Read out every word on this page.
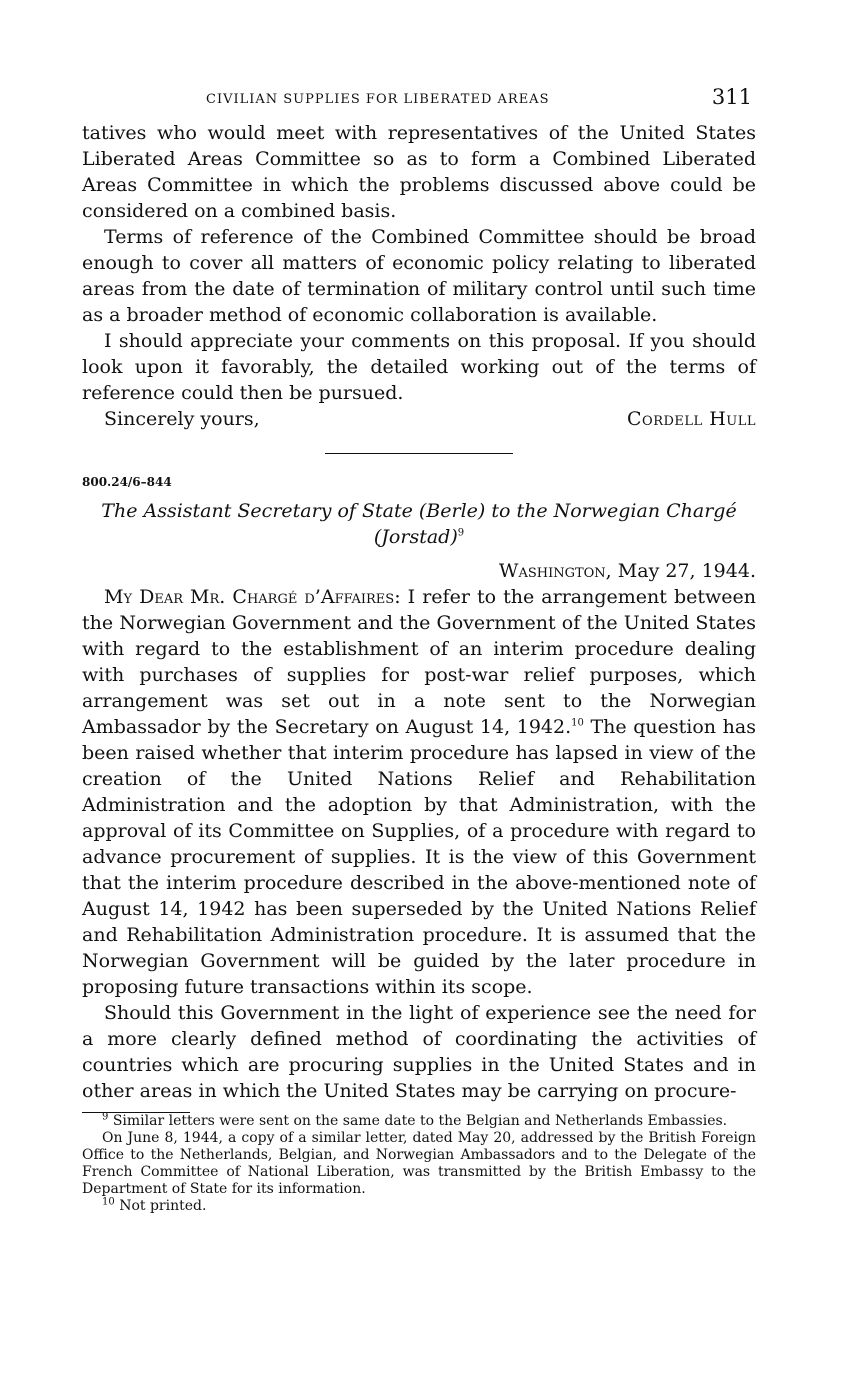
CIVILIAN SUPPLIES FOR LIBERATED AREAS	311

tatives who would meet with representatives of the United States Liberated Areas Committee so as to form a Combined Liberated Areas Committee in which the problems discussed above could be considered on a combined basis.

Terms of reference of the Combined Committee should be broad enough to cover all matters of economic policy relating to liberated areas from the date of termination of military control until such time as a broader method of economic collaboration is available.

I should appreciate your comments on this proposal. If you should look upon it favorably, the detailed working out of the terms of reference could then be pursued.

Sincerely yours,	Cordell Hull
800.24/6–844
The Assistant Secretary of State (Berle) to the Norwegian Chargé
(Jorstad)$^9$
Washington, May 27, 1944.

My Dear Mr. Chargé d’Affaires: I refer to the arrangement between the Norwegian Government and the Government of the United States with regard to the establishment of an interim procedure dealing with purchases of supplies for post-war relief purposes, which arrangement was set out in a note sent to the Norwegian Ambassador by the Secretary on August 14, 1942.10 The question has been raised whether that interim procedure has lapsed in view of the creation of the United Nations Relief and Rehabilitation Administration and the adoption by that Administration, with the approval of its Committee on Supplies, of a procedure with regard to advance procurement of supplies. It is the view of this Government that the interim procedure described in the above-mentioned note of August 14, 1942 has been superseded by the United Nations Relief and Rehabilitation Administration procedure. It is assumed that the Norwegian Government will be guided by the later procedure in proposing future transactions within its scope.

Should this Government in the light of experience see the need for a more clearly defined method of coordinating the activities of countries which are procuring supplies in the United States and in other areas in which the United States may be carrying on procure-

$^9$ Similar letters were sent on the same date to the Belgian and Netherlands Embassies.

On June 8, 1944, a copy of a similar letter, dated May 20, addressed by the British Foreign Office to the Netherlands, Belgian, and Norwegian Ambassadors and to the Delegate of the French Committee of National Liberation, was transmitted by the British Embassy to the Department of State for its information.

$^{10}$ Not printed.
